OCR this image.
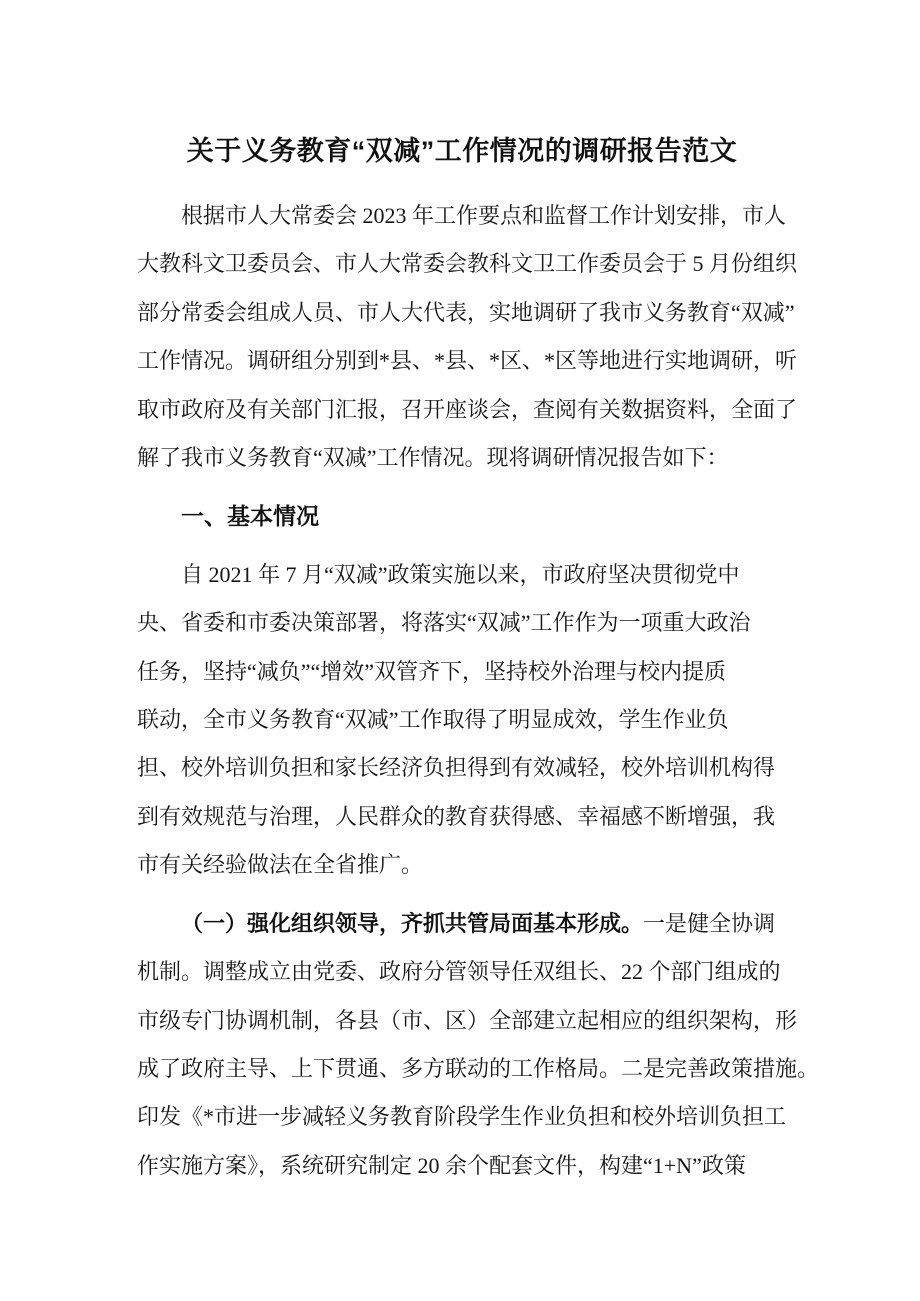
关于义务教育“双减”工作情况的调研报告范文
根据市人大常委会 2023 年工作要点和监督工作计划安排，市人
大教科文卫委员会、市人大常委会教科文卫工作委员会于 5 月份组织
部分常委会组成人员、市人大代表，实地调研了我市义务教育“双减”
工作情况。调研组分别到*县、*县、*区、*区等地进行实地调研，听
取市政府及有关部门汇报，召开座谈会，查阅有关数据资料，全面了
解了我市义务教育“双减”工作情况。现将调研情况报告如下：
一、基本情况
自 2021 年 7 月“双减”政策实施以来，市政府坚决贯彻党中
央、省委和市委决策部署，将落实“双减”工作作为一项重大政治
任务，坚持“减负”“增效”双管齐下，坚持校外治理与校内提质
联动，全市义务教育“双减”工作取得了明显成效，学生作业负
担、校外培训负担和家长经济负担得到有效减轻，校外培训机构得
到有效规范与治理，人民群众的教育获得感、幸福感不断增强，我
市有关经验做法在全省推广。
（一）强化组织领导，齐抓共管局面基本形成。一是健全协调
机制。调整成立由党委、政府分管领导任双组长、22 个部门组成的
市级专门协调机制，各县（市、区）全部建立起相应的组织架构，形
成了政府主导、上下贯通、多方联动的工作格局。二是完善政策措施。
印发《*市进一步减轻义务教育阶段学生作业负担和校外培训负担工
作实施方案》，系统研究制定 20 余个配套文件，构建“1+N”政策
